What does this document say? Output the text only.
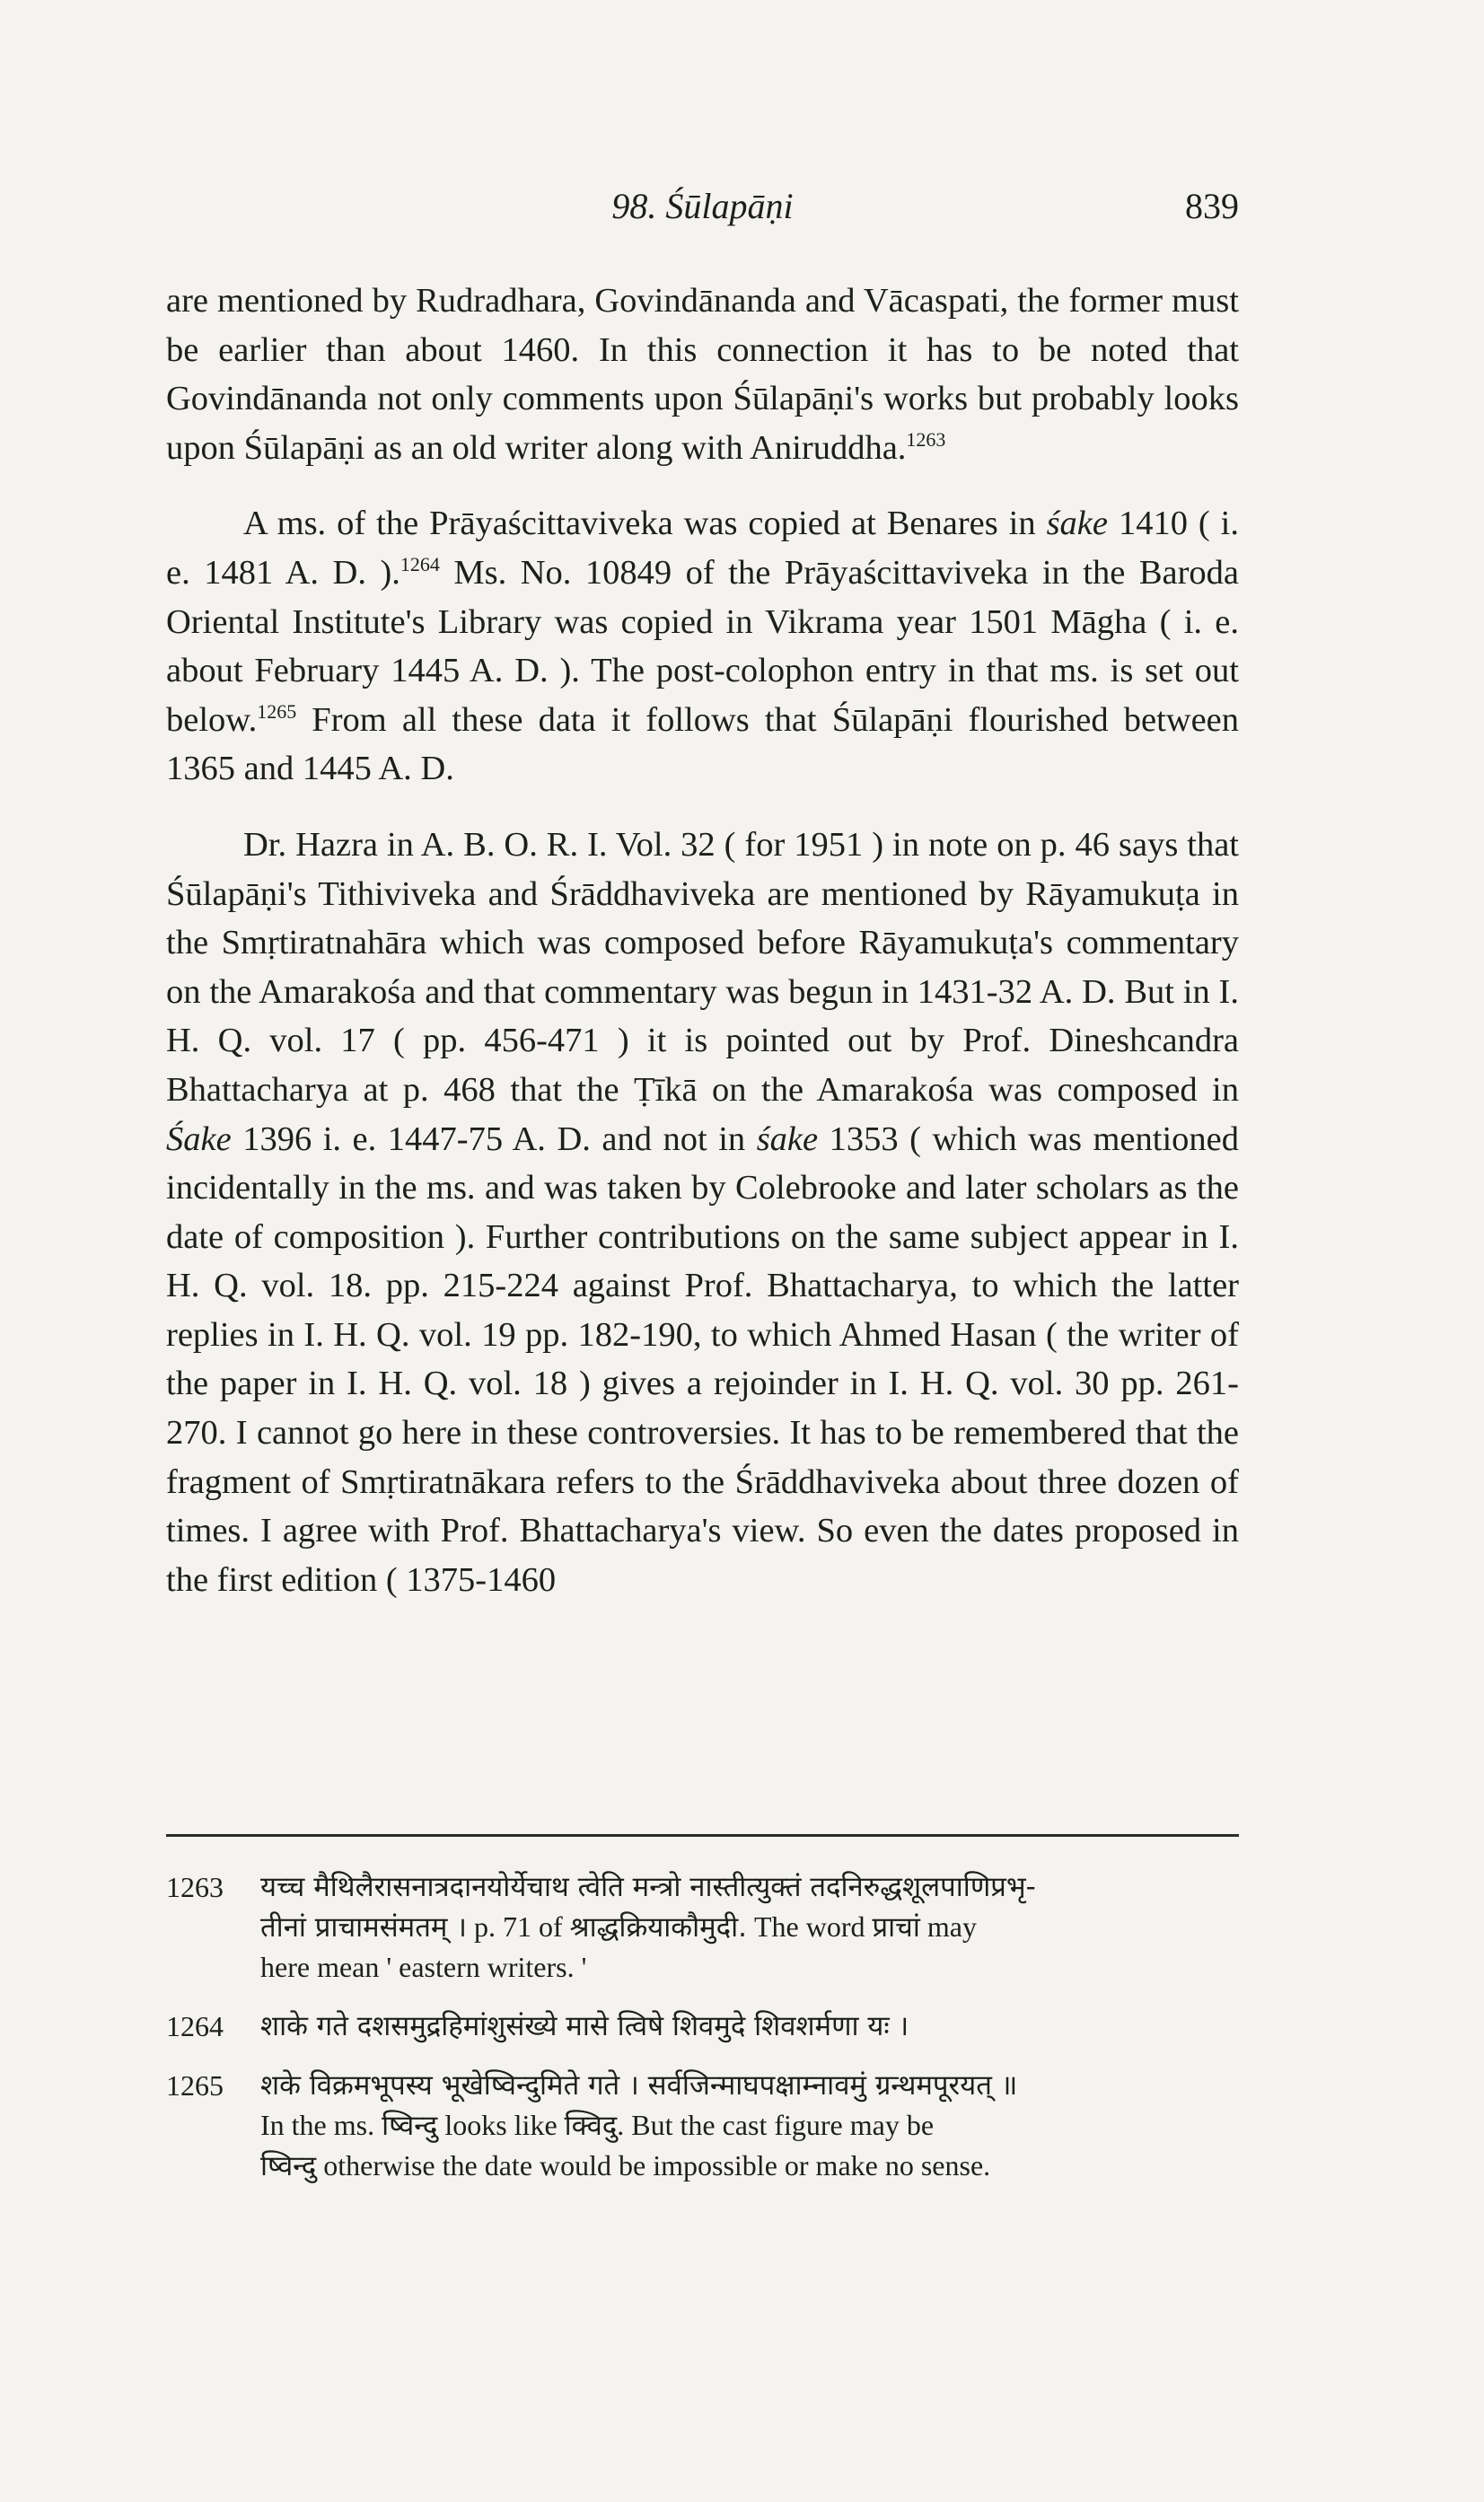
98. Śūlapāṇi	839

are mentioned by Rudradhara, Govindānanda and Vācaspati, the former must be earlier than about 1460. In this connection it has to be noted that Govindānanda not only comments upon Śūlapāṇi's works but probably looks upon Śūlapāṇi as an old writer along with Aniruddha.$^{1263}$

A ms. of the Prāyaścittaviveka was copied at Benares in śake 1410 ( i. e. 1481 A. D. ).$^{1264}$ Ms. No. 10849 of the Prāyaścittaviveka in the Baroda Oriental Institute's Library was copied in Vikrama year 1501 Māgha ( i. e. about February 1445 A. D. ). The post-colophon entry in that ms. is set out below.$^{1265}$ From all these data it follows that Śūlapāṇi flourished between 1365 and 1445 A. D.

Dr. Hazra in A. B. O. R. I. Vol. 32 ( for 1951 ) in note on p. 46 says that Śūlapāṇi's Tithiviveka and Śrāddhaviveka are mentioned by Rāyamukuṭa in the Smṛtiratnahāra which was composed before Rāyamukuṭa's commentary on the Amarakośa and that commentary was begun in 1431-32 A. D. But in I. H. Q. vol. 17 ( pp. 456-471 ) it is pointed out by Prof. Dineshcandra Bhattacharya at p. 468 that the Ṭīkā on the Amarakośa was composed in Śake 1396 i. e. 1447-75 A. D. and not in śake 1353 ( which was mentioned incidentally in the ms. and was taken by Colebrooke and later scholars as the date of composition ). Further contributions on the same subject appear in I. H. Q. vol. 18. pp. 215-224 against Prof. Bhattacharya, to which the latter replies in I. H. Q. vol. 19 pp. 182-190, to which Ahmed Hasan ( the writer of the paper in I. H. Q. vol. 18 ) gives a rejoinder in I. H. Q. vol. 30 pp. 261-270. I cannot go here in these controversies. It has to be remembered that the fragment of Smṛtiratnākara refers to the Śrāddhaviveka about three dozen of times. I agree with Prof. Bhattacharya's view. So even the dates proposed in the first edition ( 1375-1460

1263	यच्च मैथिलैरासनात्रदानयोर्येचाथ त्वेति मन्त्रो नास्तीत्युक्तं तदनिरुद्धशूलपाणिप्रभृ-
तीनां प्राचामसंमतम् । p. 71 of श्राद्धक्रियाकौमुदी. The word प्राचां may
here mean ' eastern writers. '
1264	शाके गते दशसमुद्रहिमांशुसंख्ये मासे त्विषे शिवमुदे शिवशर्मणा यः ।
1265	शके विक्रमभूपस्य भूखेष्विन्दुमिते गते । सर्वजिन्माघपक्षाम्नावमुं ग्रन्थमपूरयत् ॥
In the ms. ष्विन्दु looks like क्विदु. But the cast figure may be
ष्विन्दु otherwise the date would be impossible or make no sense.
